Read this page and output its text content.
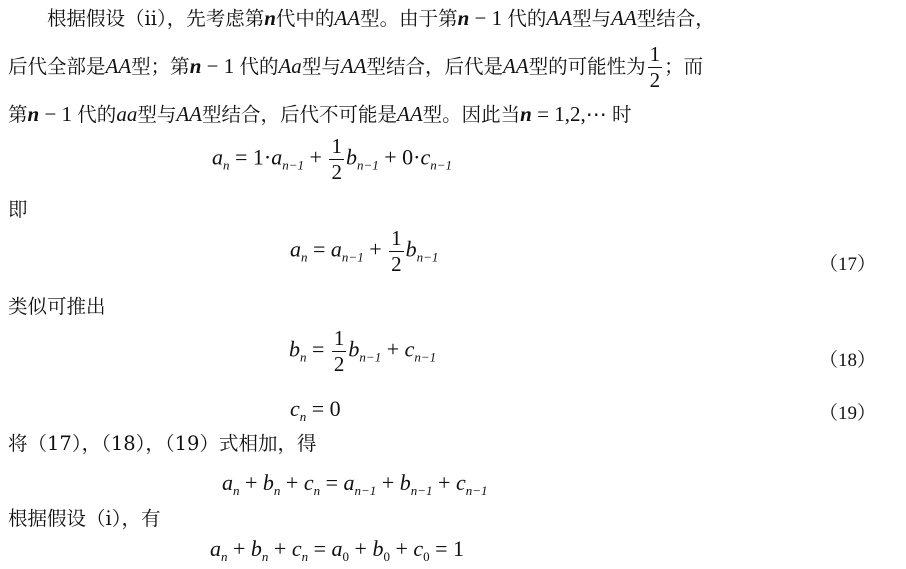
　　根据假设（ii），先考虑第n代中的AA型。由于第n − 1 代的AA型与AA型结合，
后代全部是AA型；第n − 1 代的Aa型与AA型结合，后代是AA型的可能性为 $\frac{1}{2}$ ；而
第n − 1 代的aa型与AA型结合，后代不可能是AA型。因此当n = 1,2,⋯ 时
$a_n = 1\cdot a_{n-1} + \frac{1}{2} b_{n-1} + 0\cdot c_{n-1}$
即
$a_n = a_{n-1} + \frac{1}{2} b_{n-1}$	（17）
类似可推出
$b_n = \frac{1}{2} b_{n-1} + c_{n-1}$	（18）
$c_n = 0$	（19）
将（17），（18），（19）式相加，得
$a_n + b_n + c_n = a_{n-1} + b_{n-1} + c_{n-1}$
根据假设（i），有
$a_n + b_n + c_n = a_0 + b_0 + c_0 = 1$
